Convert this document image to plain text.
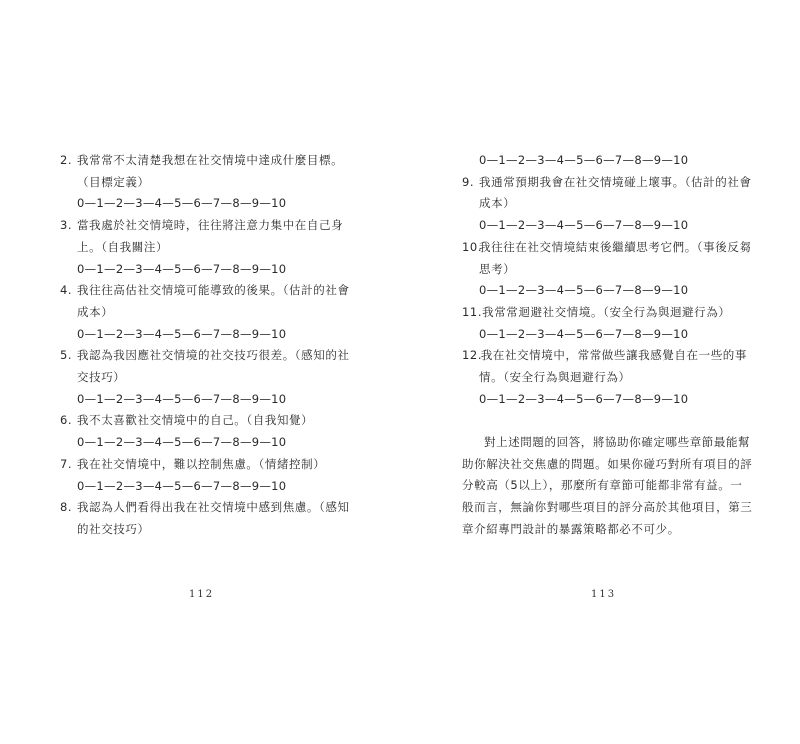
2. 我常常不太清楚我想在社交情境中達成什麼目標。
（目標定義）
0—1—2—3—4—5—6—7—8—9—10
3. 當我處於社交情境時，往往將注意力集中在自己身
上。（自我關注）
0—1—2—3—4—5—6—7—8—9—10
4. 我往往高估社交情境可能導致的後果。（估計的社會
成本）
0—1—2—3—4—5—6—7—8—9—10
5. 我認為我因應社交情境的社交技巧很差。（感知的社
交技巧）
0—1—2—3—4—5—6—7—8—9—10
6. 我不太喜歡社交情境中的自己。（自我知覺）
0—1—2—3—4—5—6—7—8—9—10
7. 我在社交情境中，難以控制焦慮。（情緒控制）
0—1—2—3—4—5—6—7—8—9—10
8. 我認為人們看得出我在社交情境中感到焦慮。（感知
的社交技巧）
112
0—1—2—3—4—5—6—7—8—9—10
9. 我通常預期我會在社交情境碰上壞事。（估計的社會
成本）
0—1—2—3—4—5—6—7—8—9—10
10.
我往往在社交情境結束後繼續思考它們。（事後反芻
思考）
0—1—2—3—4—5—6—7—8—9—10
11. 我常常迴避社交情境。（安全行為與迴避行為）
0—1—2—3—4—5—6—7—8—9—10
12.
我在社交情境中，常常做些讓我感覺自在一些的事
情。（安全行為與迴避行為）
0—1—2—3—4—5—6—7—8—9—10
對上述問題的回答，將協助你確定哪些章節最能幫
助你解決社交焦慮的問題。如果你碰巧對所有項目的評
分較高（5以上），那麼所有章節可能都非常有益。一
般而言，無論你對哪些項目的評分高於其他項目，第三
章介紹專門設計的暴露策略都必不可少。
113
